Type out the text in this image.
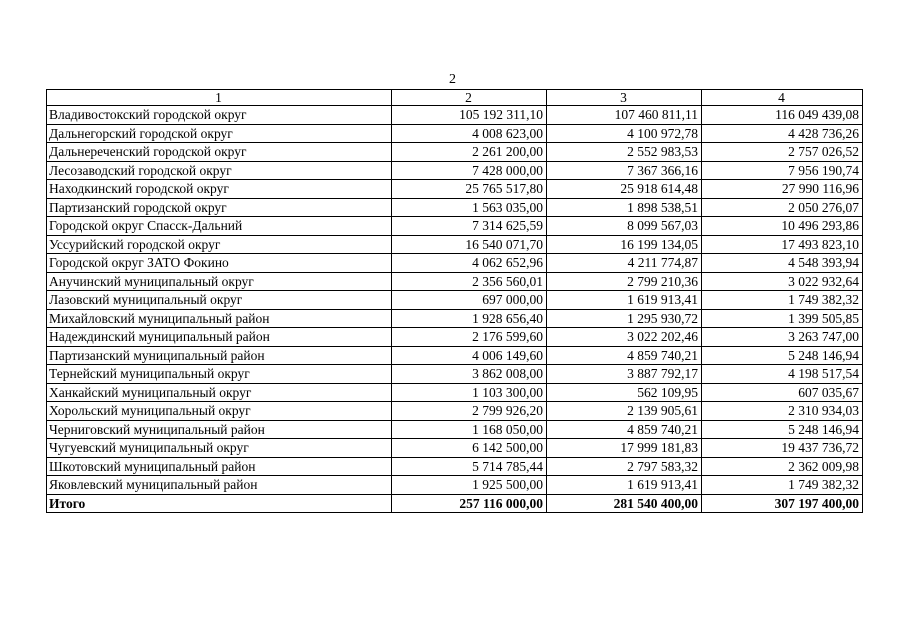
2
1	2	3	4
Владивостокский городской округ	105 192 311,10	107 460 811,11	116 049 439,08
Дальнегорский городской округ	4 008 623,00	4 100 972,78	4 428 736,26
Дальнереченский городской округ	2 261 200,00	2 552 983,53	2 757 026,52
Лесозаводский городской округ	7 428 000,00	7 367 366,16	7 956 190,74
Находкинский городской округ	25 765 517,80	25 918 614,48	27 990 116,96
Партизанский городской округ	1 563 035,00	1 898 538,51	2 050 276,07
Городской округ Спасск-Дальний	7 314 625,59	8 099 567,03	10 496 293,86
Уссурийский городской округ	16 540 071,70	16 199 134,05	17 493 823,10
Городской округ ЗАТО Фокино	4 062 652,96	4 211 774,87	4 548 393,94
Анучинский муниципальный округ	2 356 560,01	2 799 210,36	3 022 932,64
Лазовский муниципальный округ	697 000,00	1 619 913,41	1 749 382,32
Михайловский муниципальный район	1 928 656,40	1 295 930,72	1 399 505,85
Надеждинский муниципальный район	2 176 599,60	3 022 202,46	3 263 747,00
Партизанский муниципальный район	4 006 149,60	4 859 740,21	5 248 146,94
Тернейский муниципальный округ	3 862 008,00	3 887 792,17	4 198 517,54
Ханкайский муниципальный округ	1 103 300,00	562 109,95	607 035,67
Хорольский муниципальный округ	2 799 926,20	2 139 905,61	2 310 934,03
Черниговский муниципальный район	1 168 050,00	4 859 740,21	5 248 146,94
Чугуевский муниципальный округ	6 142 500,00	17 999 181,83	19 437 736,72
Шкотовский муниципальный район	5 714 785,44	2 797 583,32	2 362 009,98
Яковлевский муниципальный район	1 925 500,00	1 619 913,41	1 749 382,32
Итого	257 116 000,00	281 540 400,00	307 197 400,00
